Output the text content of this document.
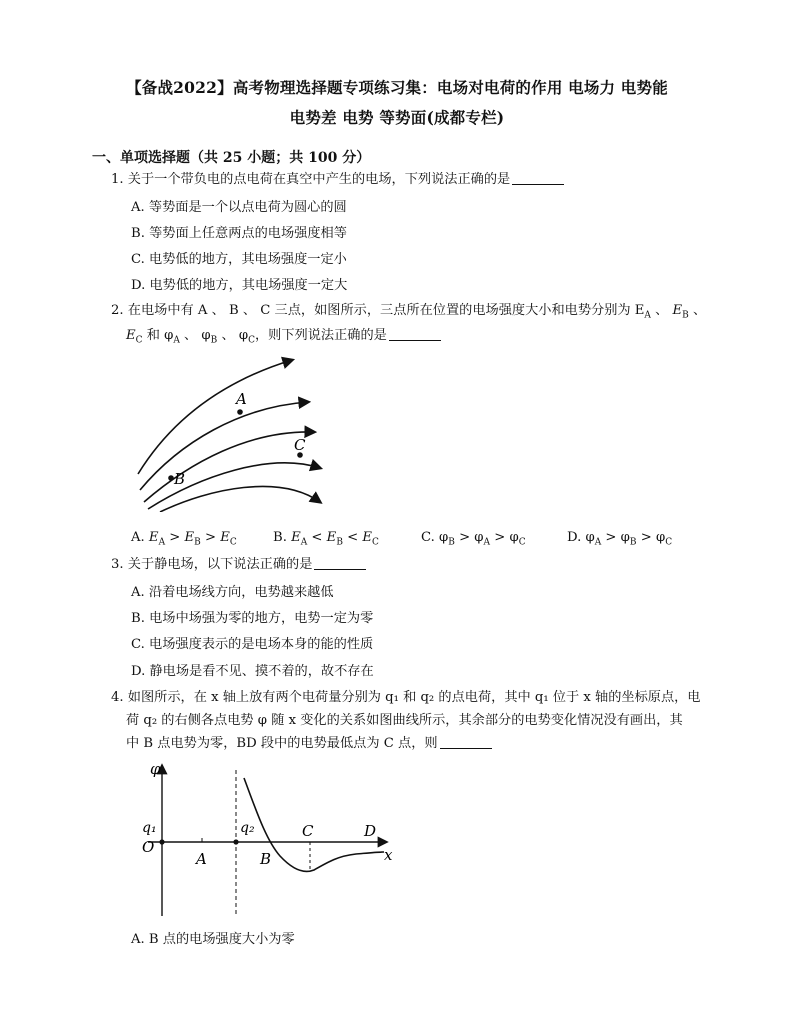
【备战2022】高考物理选择题专项练习集：电场对电荷的作用 电场力 电势能
电势差 电势 等势面(成都专栏)
一、单项选择题（共 25 小题；共 100 分）
1. 关于一个带负电的点电荷在真空中产生的电场，下列说法正确的是
A. 等势面是一个以点电荷为圆心的圆
B. 等势面上任意两点的电场强度相等
C. 电势低的地方，其电场强度一定小
D. 电势低的地方，其电场强度一定大
2. 在电场中有 A 、 B 、 C 三点，如图所示，三点所在位置的电场强度大小和电势分别为 $E_A$ 、 $E_B$ 、
$E_C$ 和 $\varphi_A$ 、 $\varphi_B$ 、 $\varphi_C$，则下列说法正确的是
A
B
C
A. $E_A > E_B > E_C$	B. $E_A < E_B < E_C$	C. $\varphi_B > \varphi_A > \varphi_C$	D. $\varphi_A > \varphi_B > \varphi_C$
3. 关于静电场，以下说法正确的是
A. 沿着电场线方向，电势越来越低
B. 电场中场强为零的地方，电势一定为零
C. 电场强度表示的是电场本身的能的性质
D. 静电场是看不见、摸不着的，故不存在
4. 如图所示，在 x 轴上放有两个电荷量分别为 q₁ 和 q₂ 的点电荷，其中 q₁ 位于 x 轴的坐标原点，电
荷 q₂ 的右侧各点电势 φ 随 x 变化的关系如图曲线所示，其余部分的电势变化情况没有画出，其
中 B 点电势为零，BD 段中的电势最低点为 C 点，则
φ
q₁
O
A
q₂
B
C	D
x
A. B 点的电场强度大小为零
